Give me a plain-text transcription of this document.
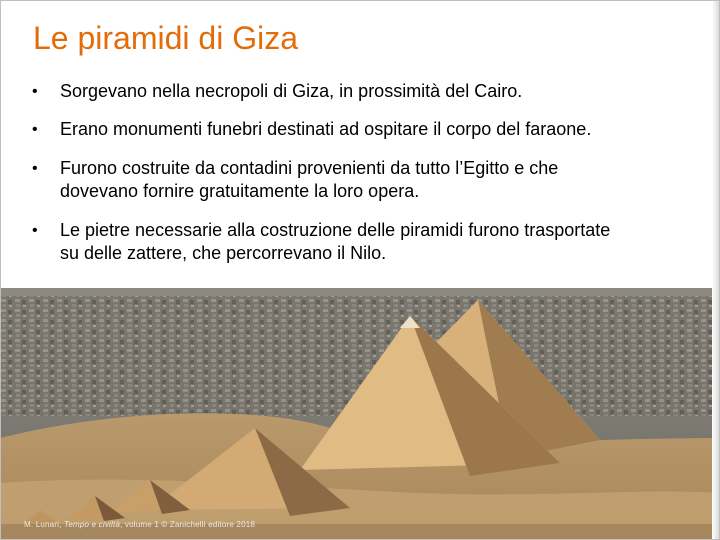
Le piramidi di Giza
• Sorgevano nella necropoli di Giza, in prossimità del Cairo.
• Erano monumenti funebri destinati ad ospitare il corpo del faraone.
• Furono costruite da contadini provenienti da tutto l’Egitto e che
dovevano fornire gratuitamente la loro opera.
• Le pietre necessarie alla costruzione delle piramidi furono trasportate
su delle zattere, che percorrevano il Nilo.
M. Lunari, Tempo e civiltà, volume 1 © Zanichelli editore 2018
